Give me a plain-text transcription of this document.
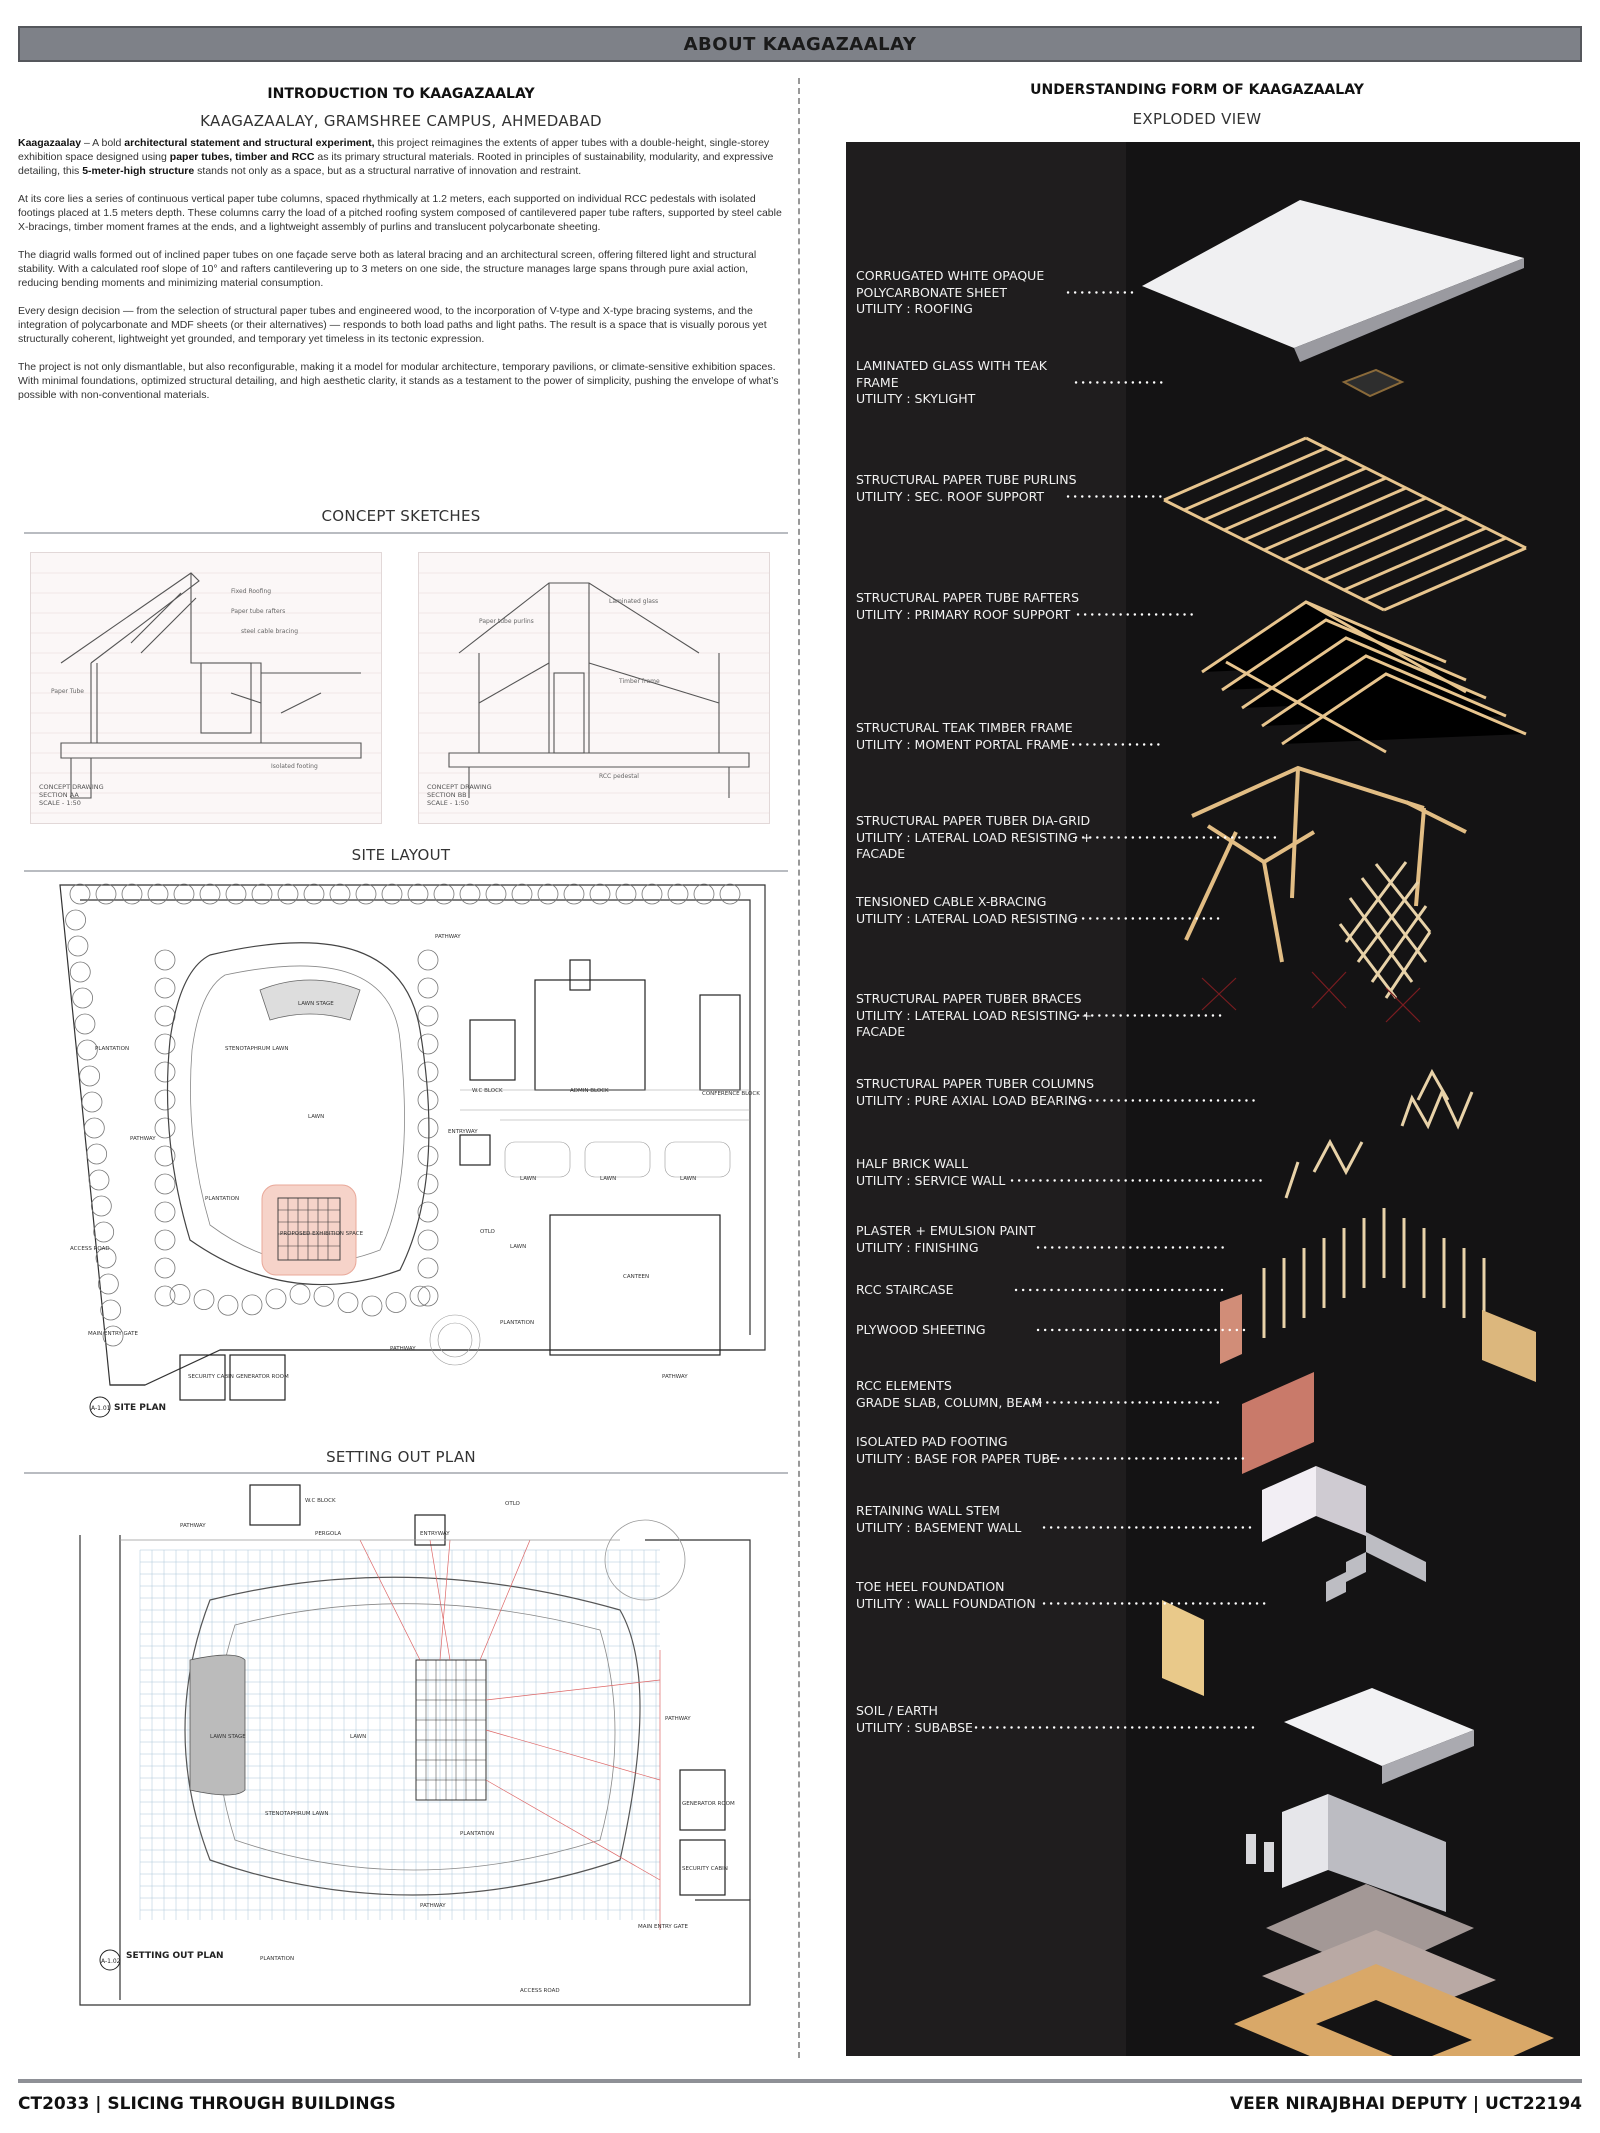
ABOUT KAAGAZAALAY
INTRODUCTION TO KAAGAZAALAY
KAAGAZAALAY, GRAMSHREE CAMPUS, AHMEDABAD

Kaagazaalay – A bold architectural statement and structural experiment, this project reimagines the extents of apper tubes with a double-height, single-storey exhibition space designed using paper tubes, timber and RCC as its primary structural materials. Rooted in principles of sustainability, modularity, and expressive detailing, this 5-meter-high structure stands not only as a space, but as a structural narrative of innovation and restraint.

At its core lies a series of continuous vertical paper tube columns, spaced rhythmically at 1.2 meters, each supported on individual RCC pedestals with isolated footings placed at 1.5 meters depth. These columns carry the load of a pitched roofing system composed of cantilevered paper tube rafters, supported by steel cable X-bracings, timber moment frames at the ends, and a lightweight assembly of purlins and translucent polycarbonate sheeting.

The diagrid walls formed out of inclined paper tubes on one façade serve both as lateral bracing and an architectural screen, offering filtered light and structural stability. With a calculated roof slope of 10° and rafters cantilevering up to 3 meters on one side, the structure manages large spans through pure axial action, reducing bending moments and minimizing material consumption.

Every design decision — from the selection of structural paper tubes and engineered wood, to the incorporation of V-type and X-type bracing systems, and the integration of polycarbonate and MDF sheets (or their alternatives) — responds to both load paths and light paths. The result is a space that is visually porous yet structurally coherent, lightweight yet grounded, and temporary yet timeless in its tectonic expression.

The project is not only dismantlable, but also reconfigurable, making it a model for modular architecture, temporary pavilions, or climate-sensitive exhibition spaces. With minimal foundations, optimized structural detailing, and high aesthetic clarity, it stands as a testament to the power of simplicity, pushing the envelope of what’s possible with non-conventional materials.

CONCEPT SKETCHES
Fixed Roofing
Paper tube rafters
steel cable bracing
Paper Tube
Isolated footing
CONCEPT DRAWING
SECTION AA
SCALE - 1:50
Laminated glass
Paper tube purlins
Timber frame
RCC pedestal
CONCEPT DRAWING
SECTION BB
SCALE - 1:50
SITE LAYOUT
PATHWAY
PLANTATION
PATHWAY
PLANTATION
LAWN STAGE
STENOTAPHRUM LAWN
LAWN
PROPOSED EXHIBITION SPACE
ACCESS ROAD
MAIN ENTRY GATE
SECURITY CABIN GENERATOR ROOM
ENTRYWAY
W.C BLOCK	ADMIN BLOCK	CONFERENCE BLOCK
CANTEEN
OTLO
LAWN	LAWN	LAWN
LAWN
PATHWAY
PATHWAY
PLANTATION
A-1.01 SITE PLAN
SETTING OUT PLAN
PERGOLA	ENTRYWAY
W.C BLOCK	OTLO
PATHWAY
LAWN STAGE	LAWN
STENOTAPHRUM LAWN
PLANTATION
PATHWAY
GENERATOR ROOM
SECURITY CABIN
PATHWAY
PLANTATION
ACCESS ROAD
MAIN ENTRY GATE
A-1.02
SETTING OUT PLAN
UNDERSTANDING FORM OF KAAGAZAALAY
EXPLODED VIEW
CORRUGATED WHITE OPAQUE
POLYCARBONATE SHEET
UTILITY : ROOFING
LAMINATED GLASS WITH TEAK
FRAME
UTILITY : SKYLIGHT
STRUCTURAL PAPER TUBE PURLINS
UTILITY : SEC. ROOF SUPPORT
STRUCTURAL PAPER TUBE RAFTERS
UTILITY : PRIMARY ROOF SUPPORT
STRUCTURAL TEAK TIMBER FRAME
UTILITY : MOMENT PORTAL FRAME
STRUCTURAL PAPER TUBER DIA-GRID
UTILITY : LATERAL LOAD RESISTING +
FACADE
TENSIONED CABLE X-BRACING
UTILITY : LATERAL LOAD RESISTING
STRUCTURAL PAPER TUBER BRACES
UTILITY : LATERAL LOAD RESISTING +
FACADE
STRUCTURAL PAPER TUBER COLUMNS
UTILITY : PURE AXIAL LOAD BEARING
HALF BRICK WALL
UTILITY : SERVICE WALL
PLASTER + EMULSION PAINT
UTILITY : FINISHING
RCC STAIRCASE
PLYWOOD SHEETING
RCC ELEMENTS
GRADE SLAB, COLUMN, BEAM
ISOLATED PAD FOOTING
UTILITY : BASE FOR PAPER TUBE
RETAINING WALL STEM
UTILITY : BASEMENT WALL
TOE HEEL FOUNDATION
UTILITY : WALL FOUNDATION
SOIL / EARTH
UTILITY : SUBABSE
CT2033 | SLICING THROUGH BUILDINGS	VEER NIRAJBHAI DEPUTY | UCT22194
